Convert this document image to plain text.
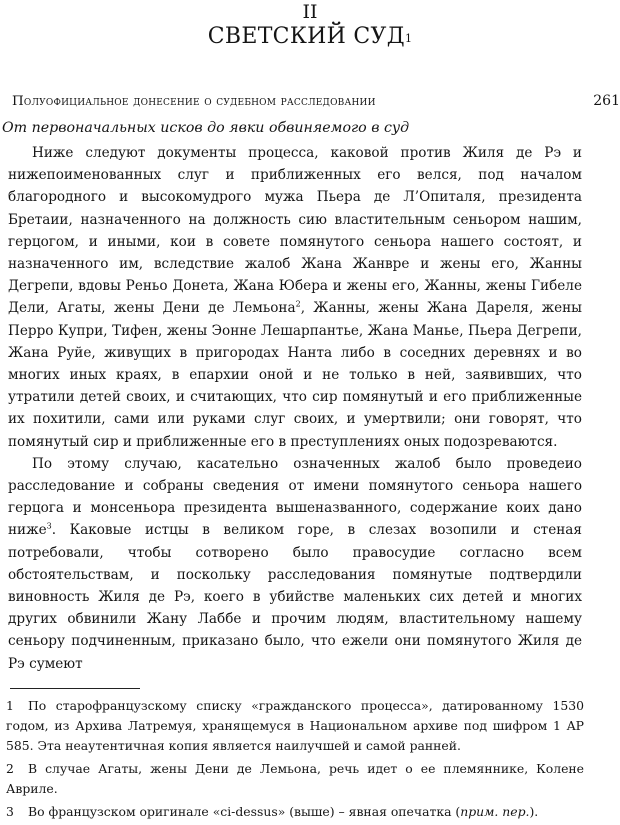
II
СВЕТСКИЙ СУД$^1$
Полуофициальное донесение о судебном расследовании	261
От первоначальных исков до явки обвиняемого в суд

Ниже следуют документы процесса, каковой против Жиля де Рэ и нижепоименованных слуг и приближенных его велся, под началом благородного и высокомудрого мужа Пьера де Л’Опиталя, президента Бретаии, назначенного на должность сию властительным сеньором нашим, герцогом, и иными, кои в совете помянутого сеньора нашего состоят, и назначенного им, вследствие жалоб Жана Жанвре и жены его, Жанны Дегрепи, вдовы Реньо Донета, Жана Юбера и жены его, Жанны, жены Гибеле Дели, Агаты, жены Дени де Лемьона$^2$, Жанны, жены Жана Дареля, жены Перро Купри, Тифен, жены Эонне Лешарпантье, Жана Манье, Пьера Дегрепи, Жана Руйе, живущих в пригородах Нанта либо в соседних деревнях и во многих иных краях, в епархии оной и не только в ней, заявивших, что утратили детей своих, и считающих, что сир помянутый и его приближенные их похитили, сами или руками слуг своих, и умертвили; они говорят, что помянутый сир и приближенные его в преступлениях оных подозреваются.

По этому случаю, касательно означенных жалоб было проведеио расследование и собраны сведения от имени помянутого сеньора нашего герцога и монсеньора президента вышеназванного, содержание коих дано ниже$^3$. Каковые истцы в великом горе, в слезах возопили и стеная потребовали, чтобы сотворено было правосудие согласно всем обстоятельствам, и поскольку расследования помянутые подтвердили виновность Жиля де Рэ, коего в убийстве маленьких сих детей и многих других обвинили Жану Лаббе и прочим людям, властительному нашему сеньору подчиненным, приказано было, что ежели они помянутого Жиля де Рэ сумеют

1 По старофранцузскому списку «гражданского процесса», датированному 1530 годом, из Архива Латремуя, хранящемуся в Национальном архиве под шифром 1 AP 585. Эта неаутентичная копия является наилучшей и самой ранней.
2 В случае Агаты, жены Дени де Лемьона, речь идет о ее племяннике, Колене Авриле.
3 Во французском оригинале «ci-dessus» (выше) – явная опечатка (прим. пер.).
